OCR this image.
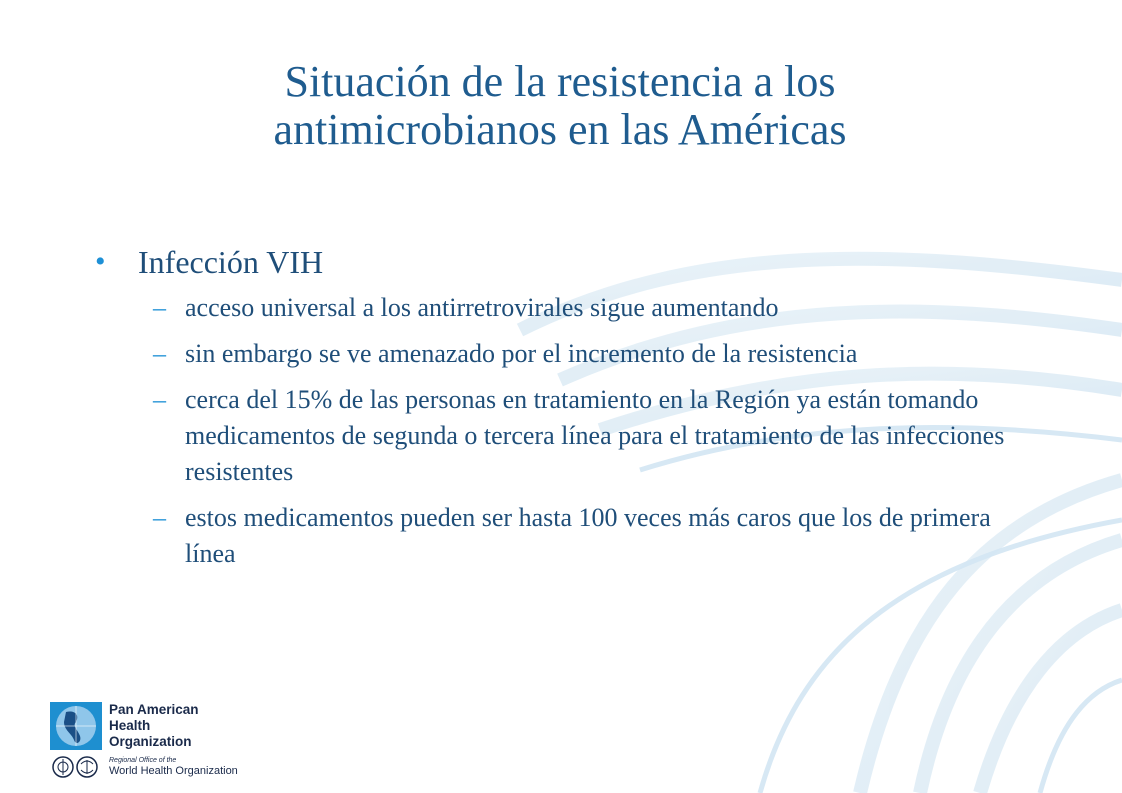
Situación de la resistencia a los
antimicrobianos en las Américas
•	Infección VIH
– acceso universal a los antirretrovirales sigue aumentando
– sin embargo se ve amenazado por el incremento de la resistencia
– cerca del 15% de las personas en tratamiento en la Región ya están tomando medicamentos de segunda o tercera línea para el tratamiento de las infecciones resistentes
– estos medicamentos pueden ser hasta 100 veces más caros que los de primera línea
Pan American
Health
Organization
Regional Office of the
World Health Organization
